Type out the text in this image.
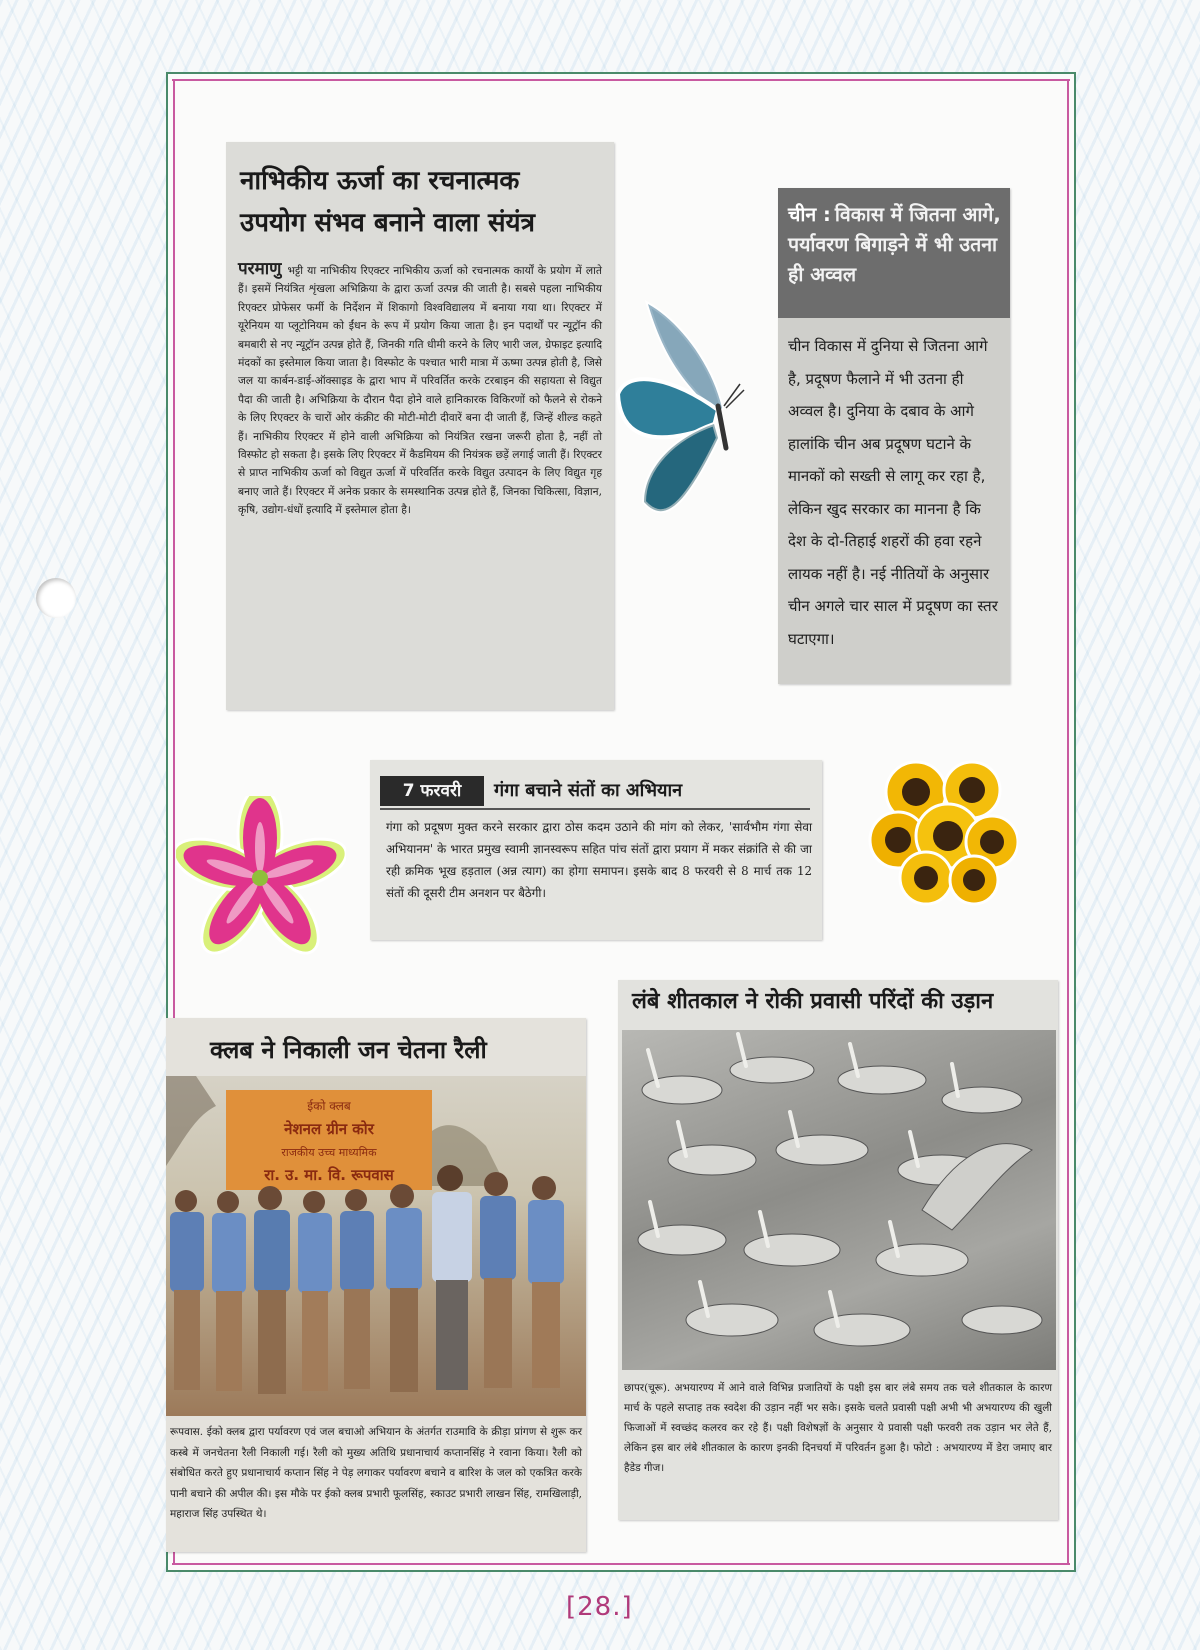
नाभिकीय ऊर्जा का रचनात्मक
उपयोग संभव बनाने वाला संयंत्र
परमाणु भट्टी या नाभिकीय रिएक्टर नाभिकीय ऊर्जा को रचनात्मक कार्यों के प्रयोग में लाते हैं। इसमें नियंत्रित शृंखला अभिक्रिया के द्वारा ऊर्जा उत्पन्न की जाती है। सबसे पहला नाभिकीय रिएक्टर प्रोफेसर फर्मी के निर्देशन में शिकागो विश्वविद्यालय में बनाया गया था। रिएक्टर में यूरेनियम या प्लूटोनियम को ईंधन के रूप में प्रयोग किया जाता है। इन पदार्थों पर न्यूट्रॉन की बमबारी से नए न्यूट्रॉन उत्पन्न होते हैं, जिनकी गति धीमी करने के लिए भारी जल, ग्रेफाइट इत्यादि मंदकों का इस्तेमाल किया जाता है। विस्फोट के पश्चात भारी मात्रा में ऊष्मा उत्पन्न होती है, जिसे जल या कार्बन-डाई-ऑक्साइड के द्वारा भाप में परिवर्तित करके टरबाइन की सहायता से विद्युत पैदा की जाती है। अभिक्रिया के दौरान पैदा होने वाले हानिकारक विकिरणों को फैलने से रोकने के लिए रिएक्टर के चारों ओर कंक्रीट की मोटी-मोटी दीवारें बना दी जाती हैं, जिन्हें शील्ड कहते हैं। नाभिकीय रिएक्टर में होने वाली अभिक्रिया को नियंत्रित रखना जरूरी होता है, नहीं तो विस्फोट हो सकता है। इसके लिए रिएक्टर में कैडमियम की नियंत्रक छड़ें लगाई जाती हैं। रिएक्टर से प्राप्त नाभिकीय ऊर्जा को विद्युत ऊर्जा में परिवर्तित करके विद्युत उत्पादन के लिए विद्युत गृह बनाए जाते हैं। रिएक्टर में अनेक प्रकार के समस्थानिक उत्पन्न होते हैं, जिनका चिकित्सा, विज्ञान, कृषि, उद्योग-धंधों इत्यादि में इस्तेमाल होता है।
चीन : विकास में जितना आगे, पर्यावरण बिगाड़ने में भी उतना ही अव्वल
चीन विकास में दुनिया से जितना आगे है, प्रदूषण फैलाने में भी उतना ही अव्वल है। दुनिया के दबाव के आगे हालांकि चीन अब प्रदूषण घटाने के मानकों को सख्ती से लागू कर रहा है, लेकिन खुद सरकार का मानना है कि देश के दो-तिहाई शहरों की हवा रहने लायक नहीं है। नई नीतियों के अनुसार चीन अगले चार साल में प्रदूषण का स्तर घटाएगा।
7 फरवरी	गंगा बचाने संतों का अभियान
गंगा को प्रदूषण मुक्त करने सरकार द्वारा ठोस कदम उठाने की मांग को लेकर, 'सार्वभौम गंगा सेवा अभियानम' के भारत प्रमुख स्वामी ज्ञानस्वरूप सहित पांच संतों द्वारा प्रयाग में मकर संक्रांति से की जा रही क्रमिक भूख हड़ताल (अन्न त्याग) का होगा समापन। इसके बाद 8 फरवरी से 8 मार्च तक 12 संतों की दूसरी टीम अनशन पर बैठेगी।
लंबे शीतकाल ने रोकी प्रवासी परिंदों की उड़ान
छापर(चूरू). अभयारण्य में आने वाले विभिन्न प्रजातियों के पक्षी इस बार लंबे समय तक चले शीतकाल के कारण मार्च के पहले सप्ताह तक स्वदेश की उड़ान नहीं भर सके। इसके चलते प्रवासी पक्षी अभी भी अभयारण्य की खुली फिजाओं में स्वच्छंद कलरव कर रहे हैं। पक्षी विशेषज्ञों के अनुसार ये प्रवासी पक्षी फरवरी तक उड़ान भर लेते हैं, लेकिन इस बार लंबे शीतकाल के कारण इनकी दिनचर्या में परिवर्तन हुआ है। फोटो : अभयारण्य में डेरा जमाए बार हैडेड गीज।
क्लब ने निकाली जन चेतना रैली
ईको क्लब
नेशनल ग्रीन कोर
राजकीय उच्च माध्यमिक
रा. उ. मा. वि. रूपवास
रूपवास. ईको क्लब द्वारा पर्यावरण एवं जल बचाओ अभियान के अंतर्गत राउमावि के क्रीड़ा प्रांगण से शुरू कर कस्बे में जनचेतना रैली निकाली गई। रैली को मुख्य अतिथि प्रधानाचार्य कप्तानसिंह ने रवाना किया। रैली को संबोधित करते हुए प्रधानाचार्य कप्तान सिंह ने पेड़ लगाकर पर्यावरण बचाने व बारिश के जल को एकत्रित करके पानी बचाने की अपील की। इस मौके पर ईको क्लब प्रभारी फूलसिंह, स्काउट प्रभारी लाखन सिंह, रामखिलाड़ी, महाराज सिंह उपस्थित थे।
[28.]
